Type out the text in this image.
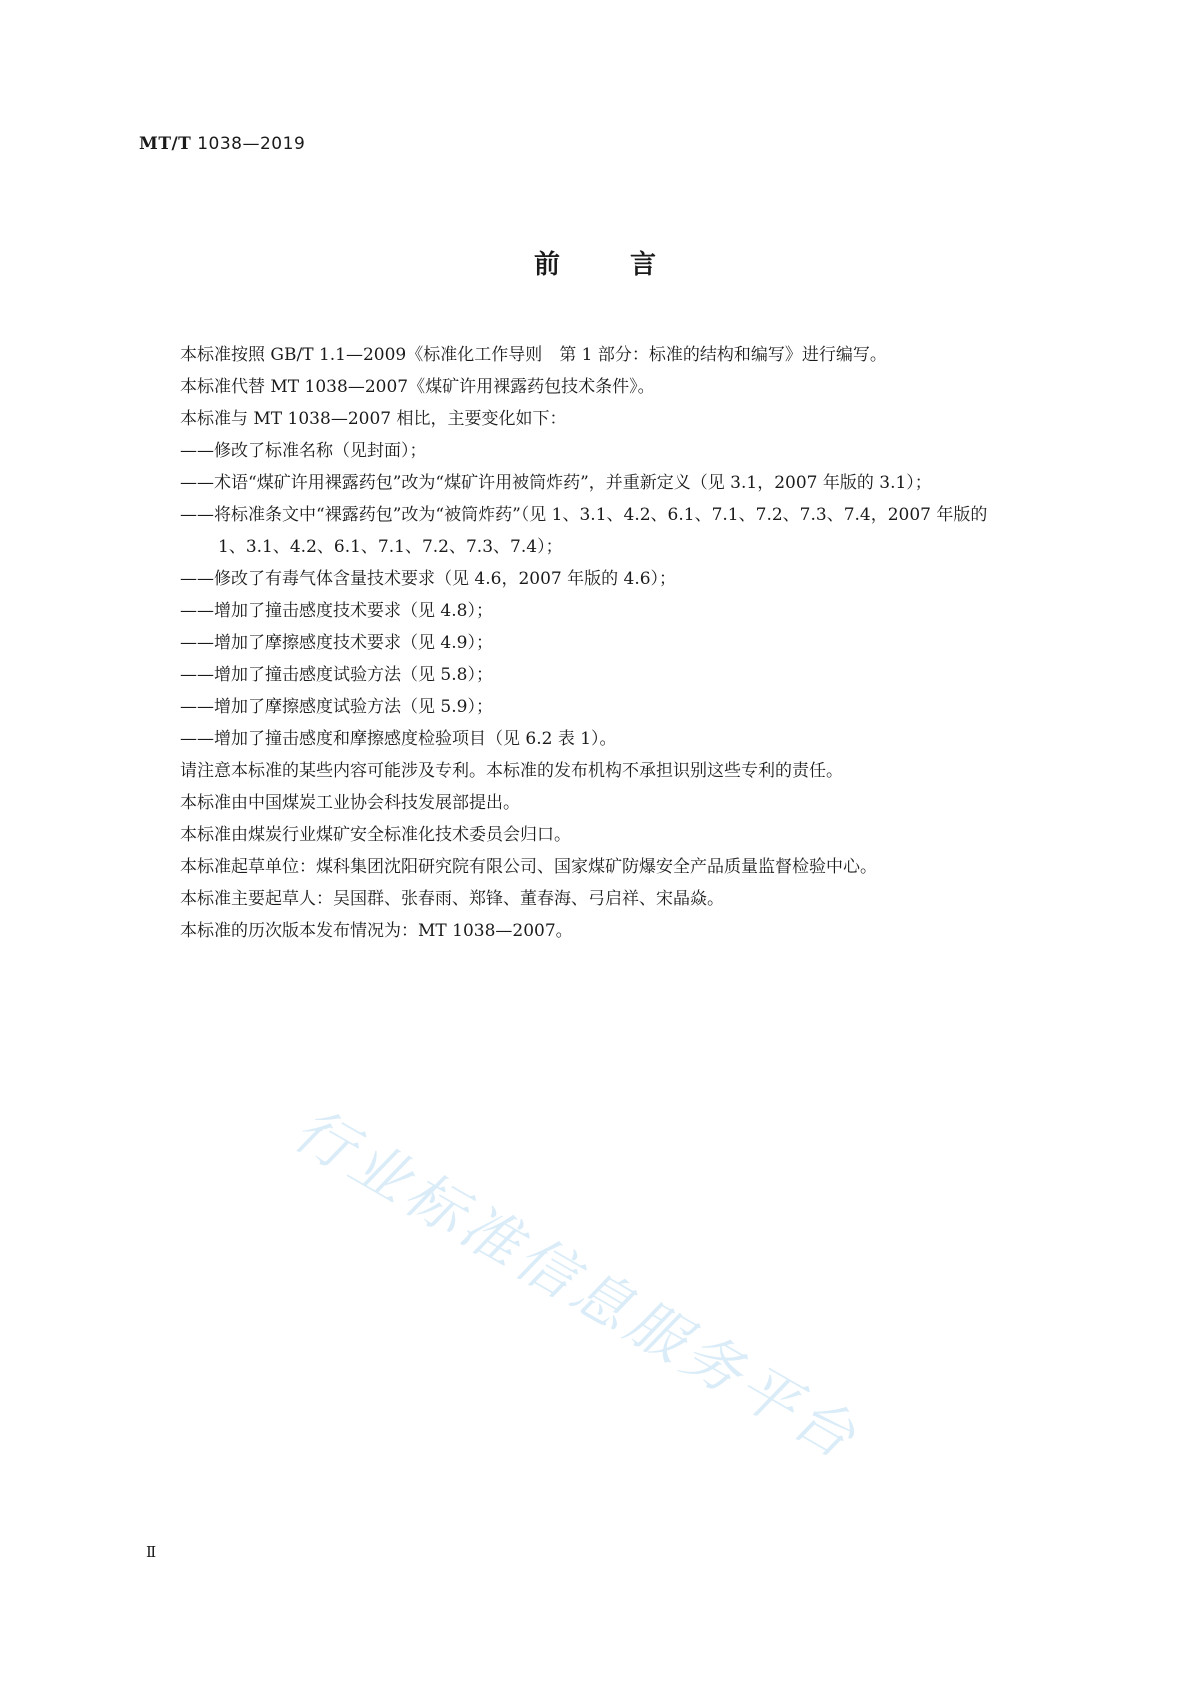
MT/T 1038—2019
前言
本标准按照 GB/T 1.1—2009《标准化工作导则　第 1 部分：标准的结构和编写》进行编写。
本标准代替 MT 1038—2007《煤矿许用裸露药包技术条件》。
本标准与 MT 1038—2007 相比，主要变化如下：
——修改了标准名称（见封面）；
——术语“煤矿许用裸露药包”改为“煤矿许用被筒炸药”，并重新定义（见 3.1，2007 年版的 3.1）；
——将标准条文中“裸露药包”改为“被筒炸药”（见 1、3.1、4.2、6.1、7.1、7.2、7.3、7.4，2007 年版的
1、3.1、4.2、6.1、7.1、7.2、7.3、7.4）；
——修改了有毒气体含量技术要求（见 4.6，2007 年版的 4.6）；
——增加了撞击感度技术要求（见 4.8）；
——增加了摩擦感度技术要求（见 4.9）；
——增加了撞击感度试验方法（见 5.8）；
——增加了摩擦感度试验方法（见 5.9）；
——增加了撞击感度和摩擦感度检验项目（见 6.2 表 1）。
请注意本标准的某些内容可能涉及专利。本标准的发布机构不承担识别这些专利的责任。
本标准由中国煤炭工业协会科技发展部提出。
本标准由煤炭行业煤矿安全标准化技术委员会归口。
本标准起草单位：煤科集团沈阳研究院有限公司、国家煤矿防爆安全产品质量监督检验中心。
本标准主要起草人：吴国群、张春雨、郑锋、董春海、弓启祥、宋晶焱。
本标准的历次版本发布情况为：MT 1038—2007。
行业标准信息服务平台
Ⅱ
